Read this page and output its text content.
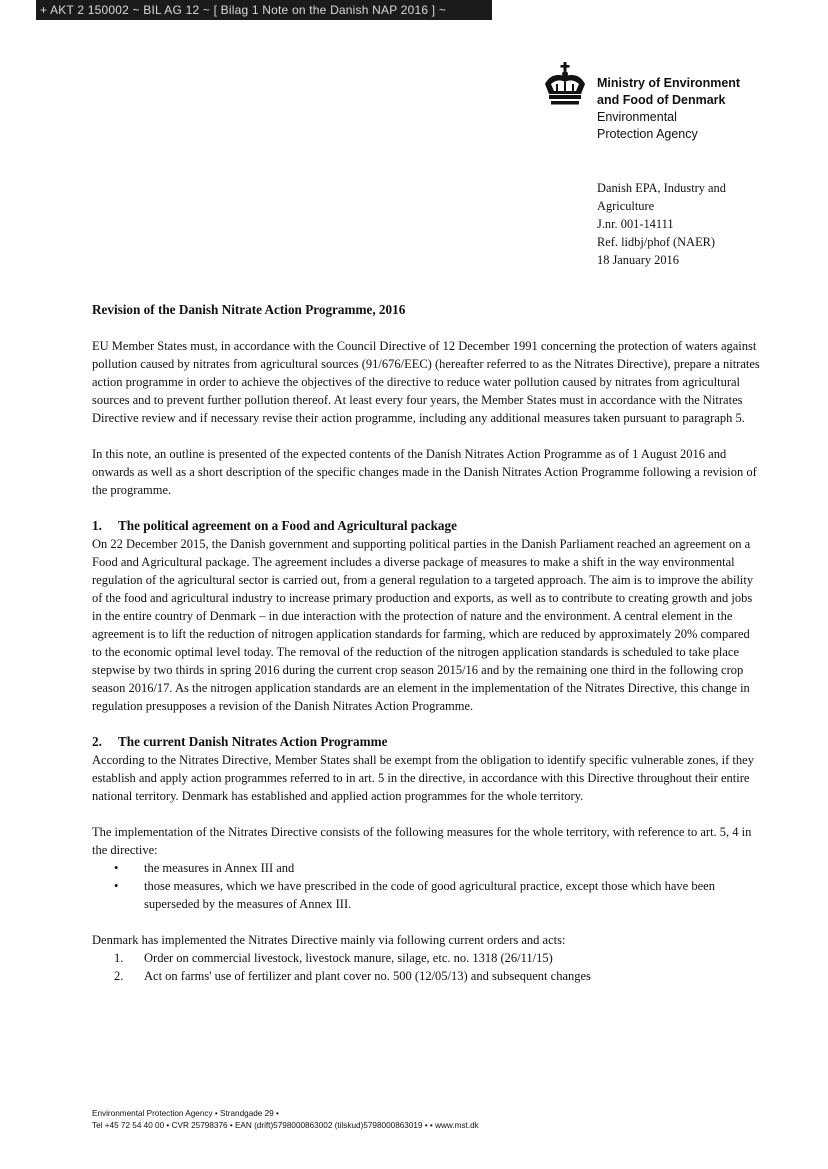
+ AKT 2 150002 ~ BIL AG 12 ~ [ Bilag 1 Note on the Danish NAP 2016 ] ~
Ministry of Environment
and Food of Denmark
Environmental
Protection Agency
Danish EPA, Industry and
Agriculture
J.nr. 001-14111
Ref. lidbj/phof (NAER)
18 January 2016

Revision of the Danish Nitrate Action Programme, 2016

EU Member States must, in accordance with the Council Directive of 12 December 1991 concerning the protection of waters against pollution caused by nitrates from agricultural sources (91/676/EEC) (hereafter referred to as the Nitrates Directive), prepare a nitrates action programme in order to achieve the objectives of the directive to reduce water pollution caused by nitrates from agricultural sources and to prevent further pollution thereof. At least every four years, the Member States must in accordance with the Nitrates Directive review and if necessary revise their action programme, including any additional measures taken pursuant to paragraph 5.

In this note, an outline is presented of the expected contents of the Danish Nitrates Action Programme as of 1 August 2016 and onwards as well as a short description of the specific changes made in the Danish Nitrates Action Programme following a revision of the programme.

1. The political agreement on a Food and Agricultural package

On 22 December 2015, the Danish government and supporting political parties in the Danish Parliament reached an agreement on a Food and Agricultural package. The agreement includes a diverse package of measures to make a shift in the way environmental regulation of the agricultural sector is carried out, from a general regulation to a targeted approach. The aim is to improve the ability of the food and agricultural industry to increase primary production and exports, as well as to contribute to creating growth and jobs in the entire country of Denmark – in due interaction with the protection of nature and the environment. A central element in the agreement is to lift the reduction of nitrogen application standards for farming, which are reduced by approximately 20% compared to the economic optimal level today. The removal of the reduction of the nitrogen application standards is scheduled to take place stepwise by two thirds in spring 2016 during the current crop season 2015/16 and by the remaining one third in the following crop season 2016/17. As the nitrogen application standards are an element in the implementation of the Nitrates Directive, this change in regulation presupposes a revision of the Danish Nitrates Action Programme.

2. The current Danish Nitrates Action Programme

According to the Nitrates Directive, Member States shall be exempt from the obligation to identify specific vulnerable zones, if they establish and apply action programmes referred to in art. 5 in the directive, in accordance with this Directive throughout their entire national territory. Denmark has established and applied action programmes for the whole territory.

The implementation of the Nitrates Directive consists of the following measures for the whole territory, with reference to art. 5, 4 in the directive:

• the measures in Annex III and
• those measures, which we have prescribed in the code of good agricultural practice, except those which have been superseded by the measures of Annex III.

Denmark has implemented the Nitrates Directive mainly via following current orders and acts:

1. Order on commercial livestock, livestock manure, silage, etc. no. 1318 (26/11/15)
2. Act on farms' use of fertilizer and plant cover no. 500 (12/05/13) and subsequent changes
Environmental Protection Agency • Strandgade 29 •
Tel +45 72 54 40 00 • CVR 25798376 • EAN (drift)5798000863002 (tilskud)5798000863019 • • www.mst.dk
